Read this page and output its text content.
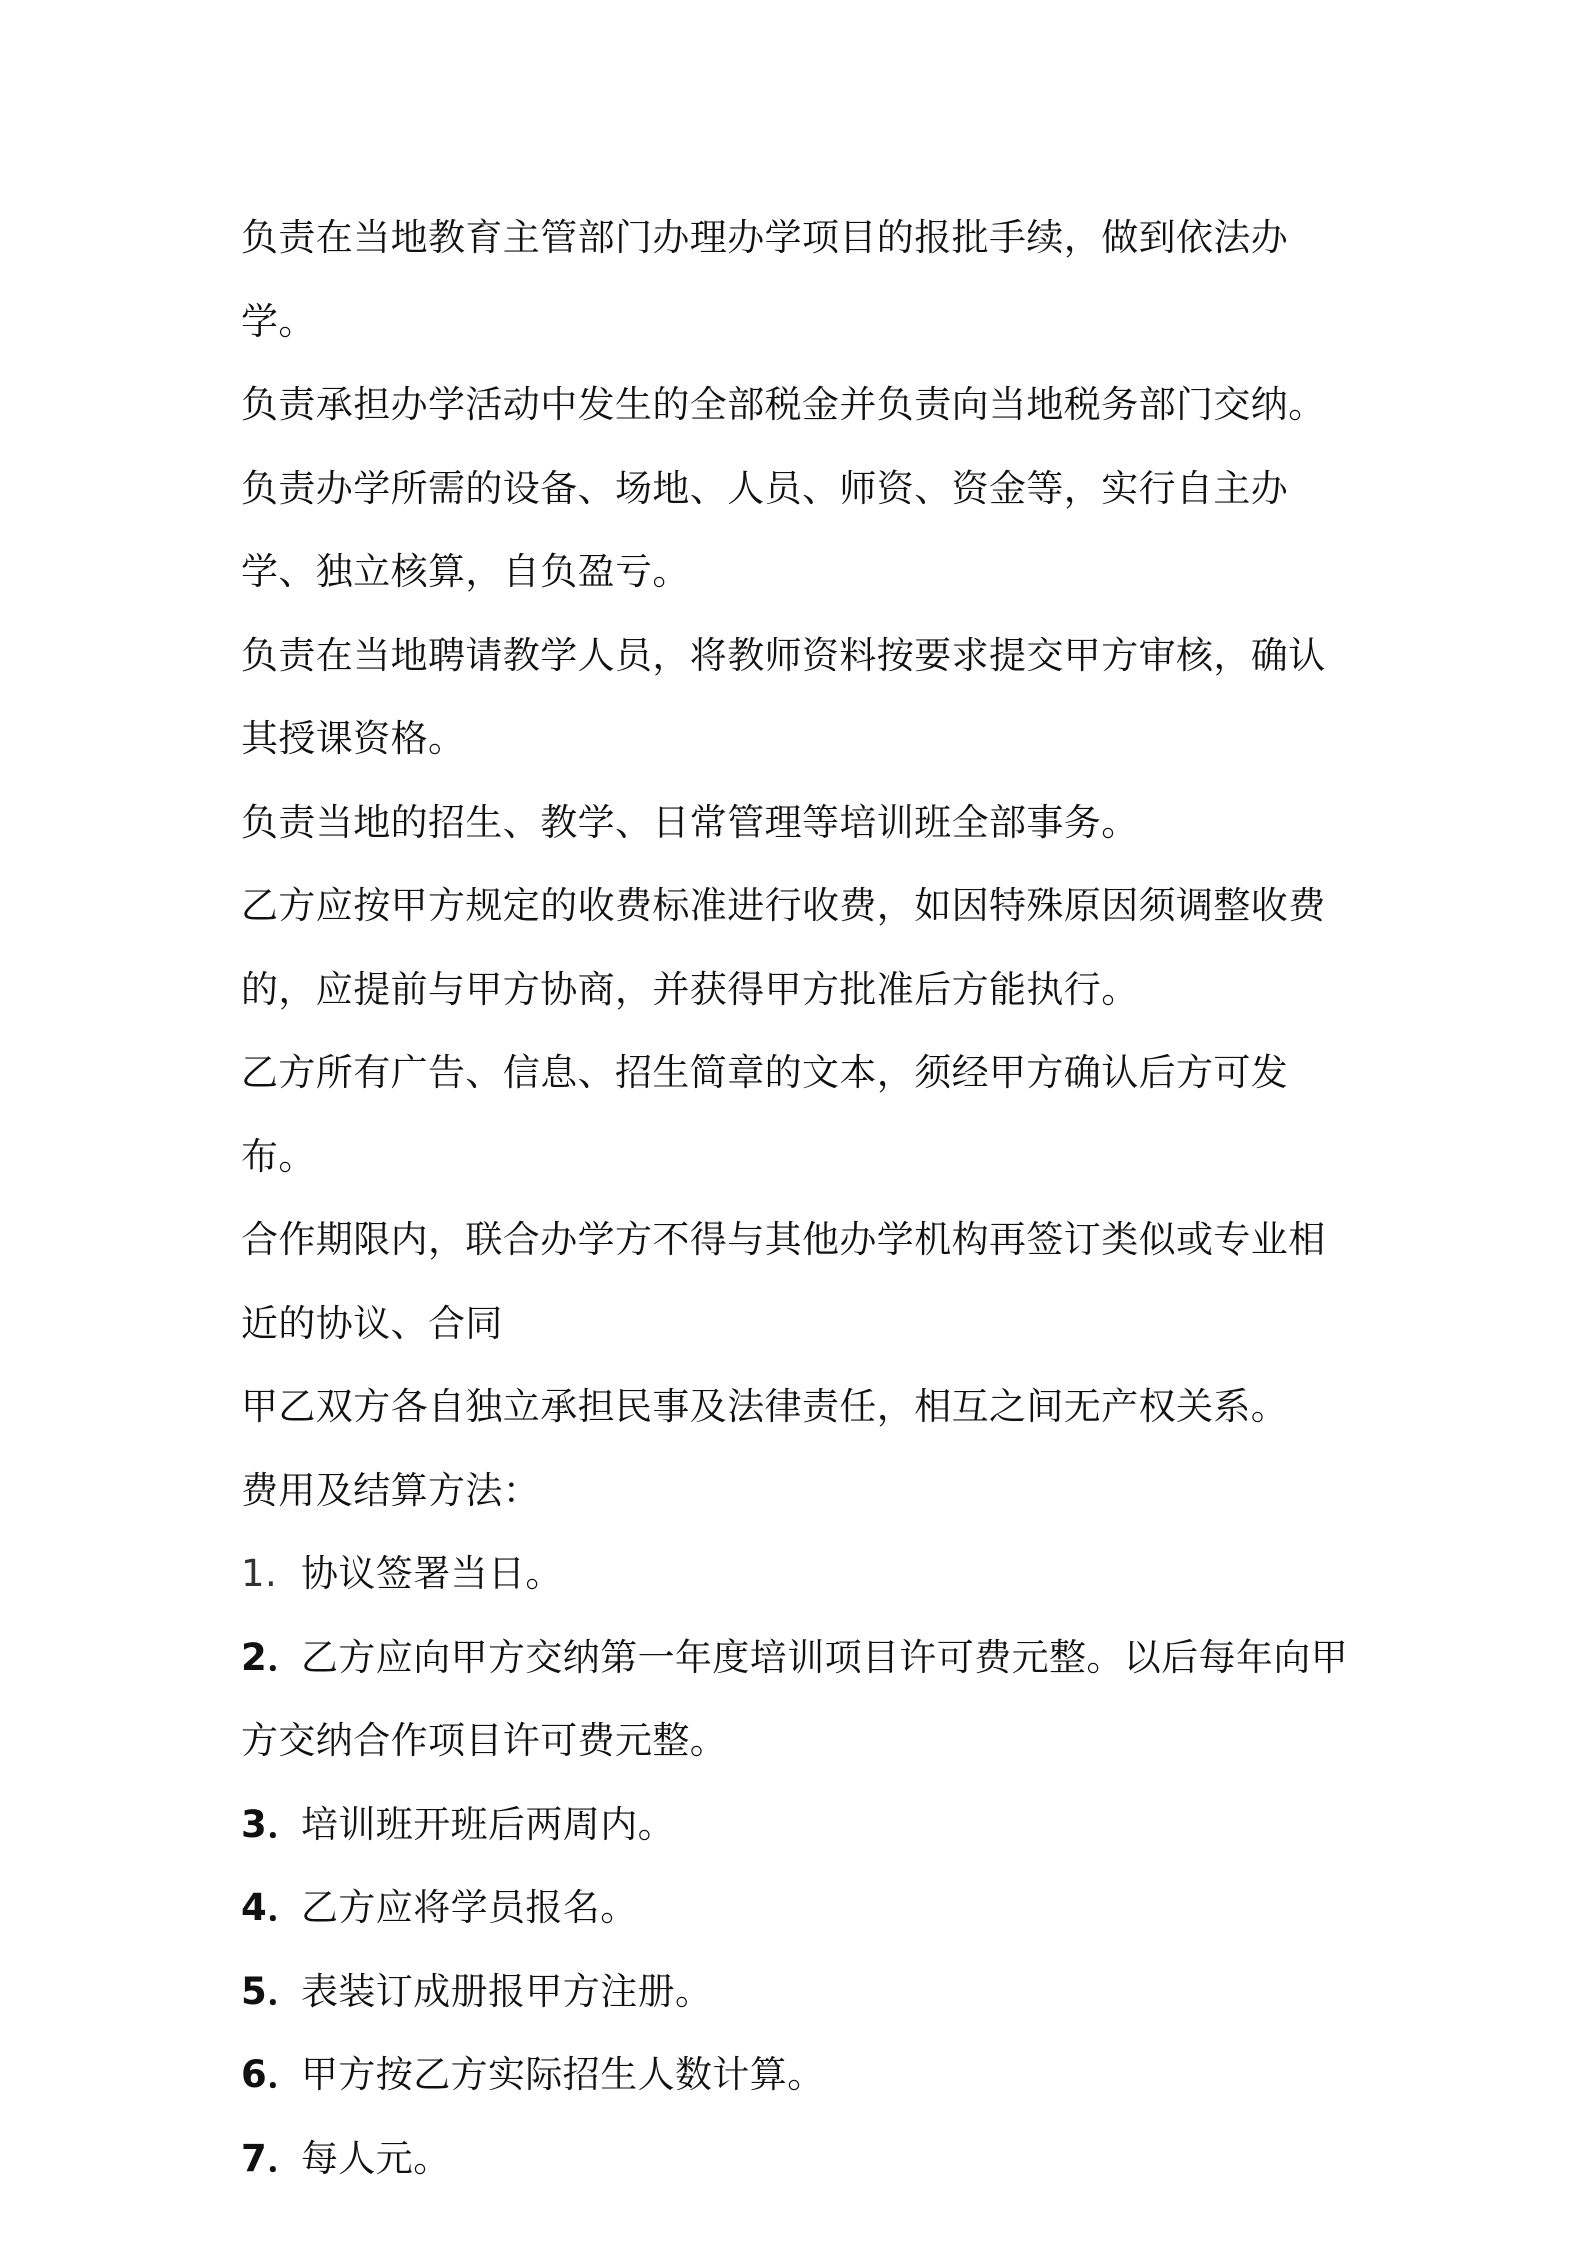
负责在当地教育主管部门办理办学项目的报批手续，做到依法办学。

负责承担办学活动中发生的全部税金并负责向当地税务部门交纳。

负责办学所需的设备、场地、人员、师资、资金等，实行自主办学、独立核算，自负盈亏。

负责在当地聘请教学人员，将教师资料按要求提交甲方审核，确认其授课资格。

负责当地的招生、教学、日常管理等培训班全部事务。

乙方应按甲方规定的收费标准进行收费，如因特殊原因须调整收费的，应提前与甲方协商，并获得甲方批准后方能执行。

乙方所有广告、信息、招生简章的文本，须经甲方确认后方可发布。

合作期限内，联合办学方不得与其他办学机构再签订类似或专业相近的协议、合同

甲乙双方各自独立承担民事及法律责任，相互之间无产权关系。

费用及结算方法：

1. 协议签署当日。

2．乙方应向甲方交纳第一年度培训项目许可费元整。以后每年向甲方交纳合作项目许可费元整。

3．培训班开班后两周内。

4．乙方应将学员报名。

5．表装订成册报甲方注册。

6．甲方按乙方实际招生人数计算。

7．每人元。
